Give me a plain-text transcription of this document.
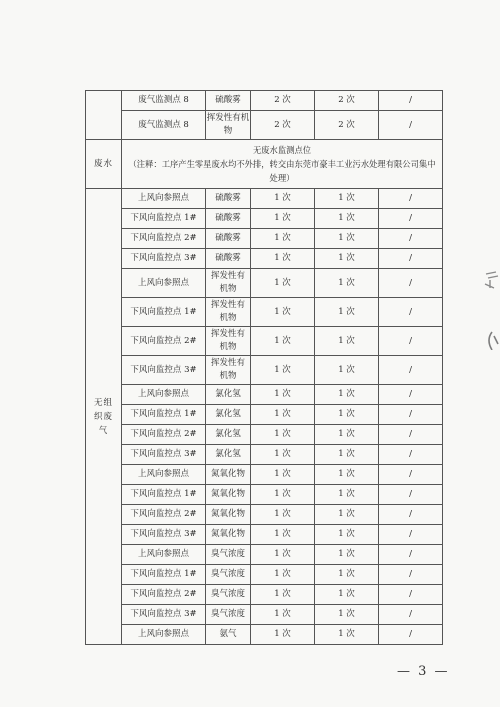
	废气监测点 8	硫酸雾	2 次	2 次	/
	废气监测点 8	挥发性有机物	2 次	2 次	/
废水	无废水监测点位
（注释：工序产生零星废水均不外排，转交由东莞市豪丰工业污水处理有限公司集中处理）				

无组织废气	上风向参照点	硫酸雾	1 次	1 次	/
	下风向监控点 1#	硫酸雾	1 次	1 次	/
	下风向监控点 2#	硫酸雾	1 次	1 次	/
	下风向监控点 3#	硫酸雾	1 次	1 次	/
	上风向参照点	挥发性有机物	1 次	1 次	/
	下风向监控点 1#	挥发性有机物	1 次	1 次	/
	下风向监控点 2#	挥发性有机物	1 次	1 次	/
	下风向监控点 3#	挥发性有机物	1 次	1 次	/
	上风向参照点	氯化氢	1 次	1 次	/
	下风向监控点 1#	氯化氢	1 次	1 次	/
	下风向监控点 2#	氯化氢	1 次	1 次	/
	下风向监控点 3#	氯化氢	1 次	1 次	/
	上风向参照点	氮氧化物	1 次	1 次	/
	下风向监控点 1#	氮氧化物	1 次	1 次	/
	下风向监控点 2#	氮氧化物	1 次	1 次	/
	下风向监控点 3#	氮氧化物	1 次	1 次	/
	上风向参照点	臭气浓度	1 次	1 次	/
	下风向监控点 1#	臭气浓度	1 次	1 次	/
	下风向监控点 2#	臭气浓度	1 次	1 次	/
	下风向监控点 3#	臭气浓度	1 次	1 次	/
	上风向参照点	氨气	1 次	1 次	/
— 3 —
